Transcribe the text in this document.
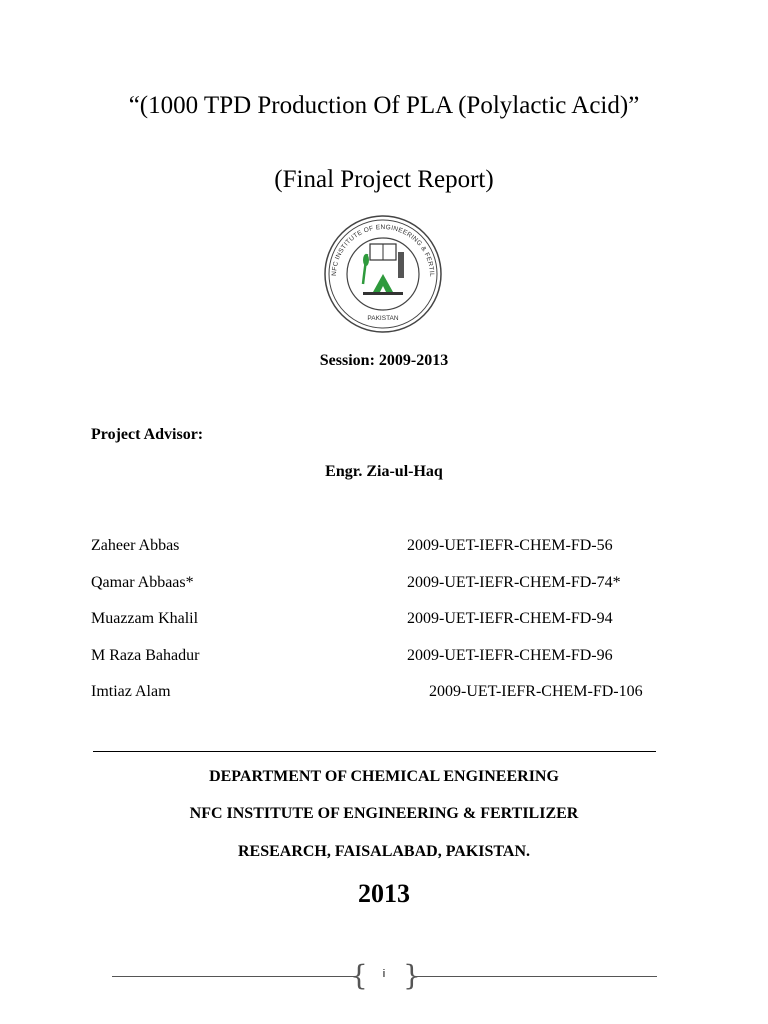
“(1000 TPD Production Of PLA (Polylactic Acid)”
(Final Project Report)
NFC INSTITUTE OF ENGINEERING & FERTIL
PAKISTAN
Session: 2009-2013
Project Advisor:
Engr. Zia-ul-Haq
Zaheer Abbas	2009-UET-IEFR-CHEM-FD-56
Qamar Abbaas*	2009-UET-IEFR-CHEM-FD-74*
Muazzam Khalil	2009-UET-IEFR-CHEM-FD-94
M Raza Bahadur	2009-UET-IEFR-CHEM-FD-96
Imtiaz Alam	2009-UET-IEFR-CHEM-FD-106
DEPARTMENT OF CHEMICAL ENGINEERING
NFC INSTITUTE OF ENGINEERING & FERTILIZER
RESEARCH, FAISALABAD, PAKISTAN.
2013
{	i }
